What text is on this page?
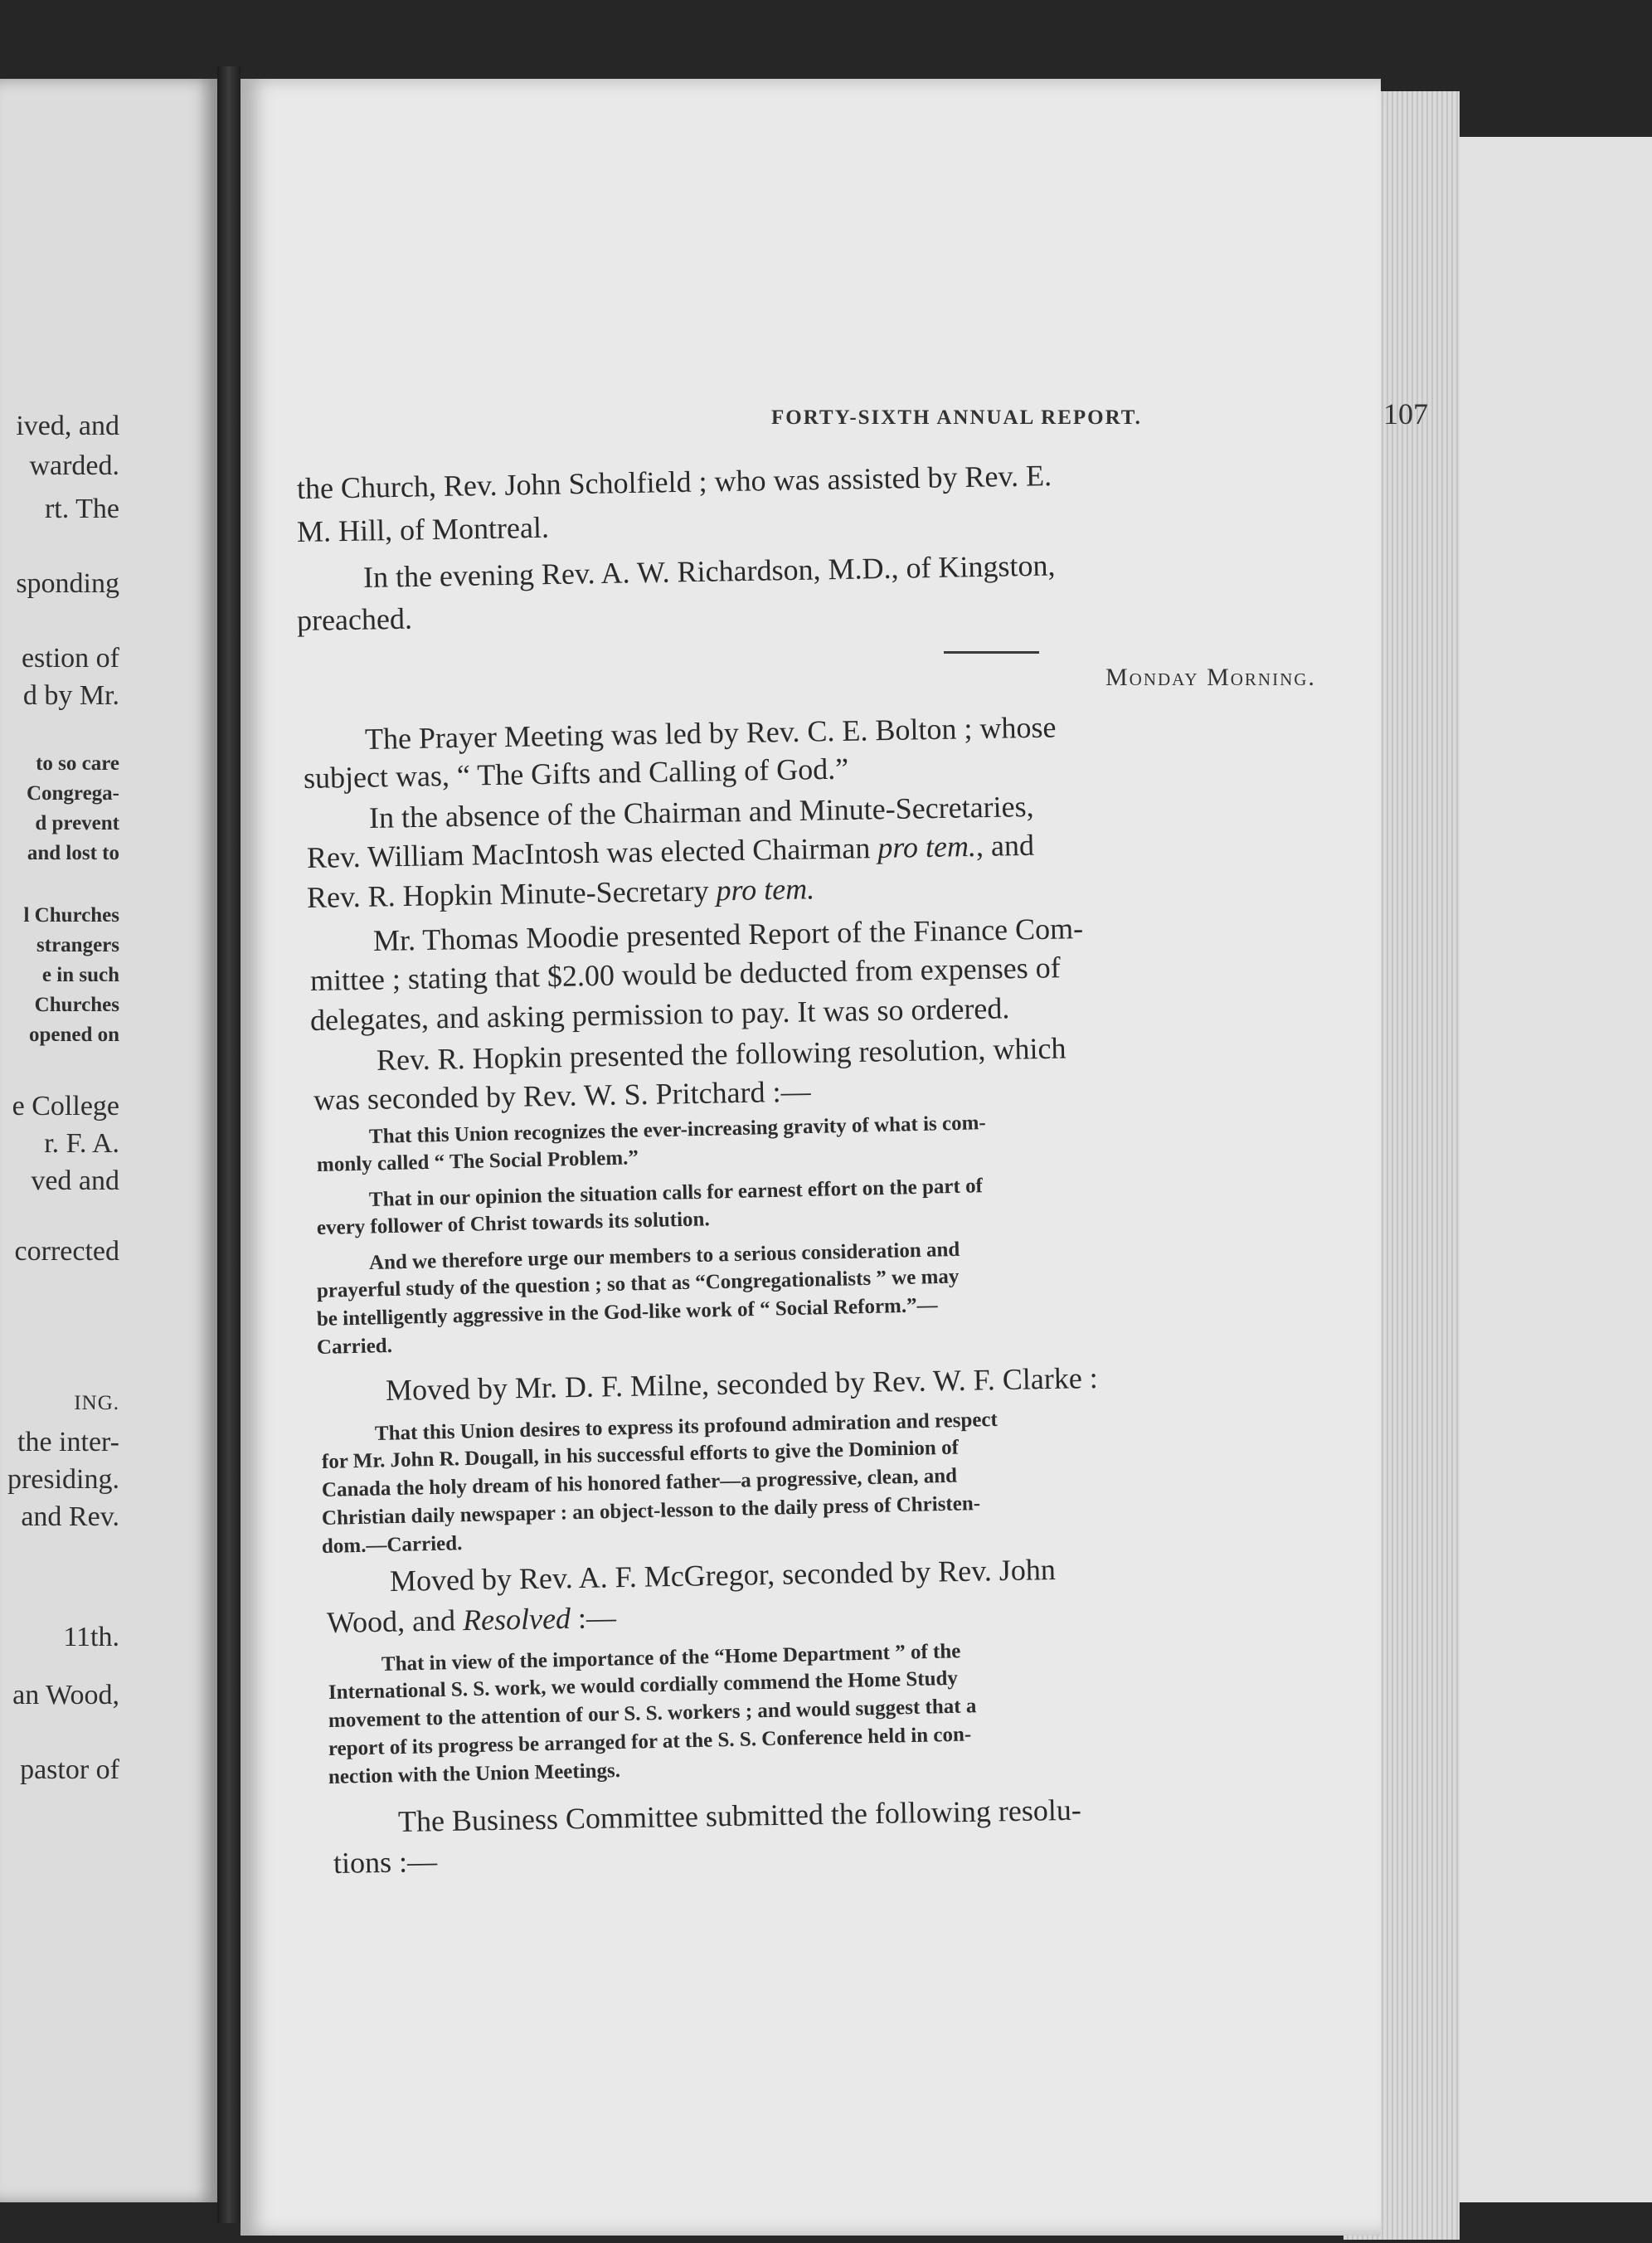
ived, and
warded.
rt. The
sponding
estion of
d by Mr.
to so care
Congrega-
d prevent
and lost to
l Churches
strangers
e in such
Churches
opened on
e College
r. F. A.
ved and
corrected
ING.
the inter-
presiding.
and Rev.
11th.
an Wood,
pastor of
FORTY-SIXTH ANNUAL REPORT.	107
the Church, Rev. John Scholfield ; who was assisted by Rev. E.
M. Hill, of Montreal.
In the evening Rev. A. W. Richardson, M.D., of Kingston,
preached.
Monday Morning.
The Prayer Meeting was led by Rev. C. E. Bolton ; whose
subject was, “ The Gifts and Calling of God.”
In the absence of the Chairman and Minute-Secretaries,
Rev. William MacIntosh was elected Chairman pro tem., and
Rev. R. Hopkin Minute-Secretary pro tem.
Mr. Thomas Moodie presented Report of the Finance Com-
mittee ; stating that $2.00 would be deducted from expenses of
delegates, and asking permission to pay. It was so ordered.
Rev. R. Hopkin presented the following resolution, which
was seconded by Rev. W. S. Pritchard :—
That this Union recognizes the ever-increasing gravity of what is com-
monly called “ The Social Problem.”
That in our opinion the situation calls for earnest effort on the part of
every follower of Christ towards its solution.
And we therefore urge our members to a serious consideration and
prayerful study of the question ; so that as “Congregationalists ” we may
be intelligently aggressive in the God-like work of “ Social Reform.”—
Carried.
Moved by Mr. D. F. Milne, seconded by Rev. W. F. Clarke :
That this Union desires to express its profound admiration and respect
for Mr. John R. Dougall, in his successful efforts to give the Dominion of
Canada the holy dream of his honored father—a progressive, clean, and
Christian daily newspaper : an object-lesson to the daily press of Christen-
dom.—Carried.
Moved by Rev. A. F. McGregor, seconded by Rev. John
Wood, and Resolved :—
That in view of the importance of the “Home Department ” of the
International S. S. work, we would cordially commend the Home Study
movement to the attention of our S. S. workers ; and would suggest that a
report of its progress be arranged for at the S. S. Conference held in con-
nection with the Union Meetings.
The Business Committee submitted the following resolu-
tions :—
